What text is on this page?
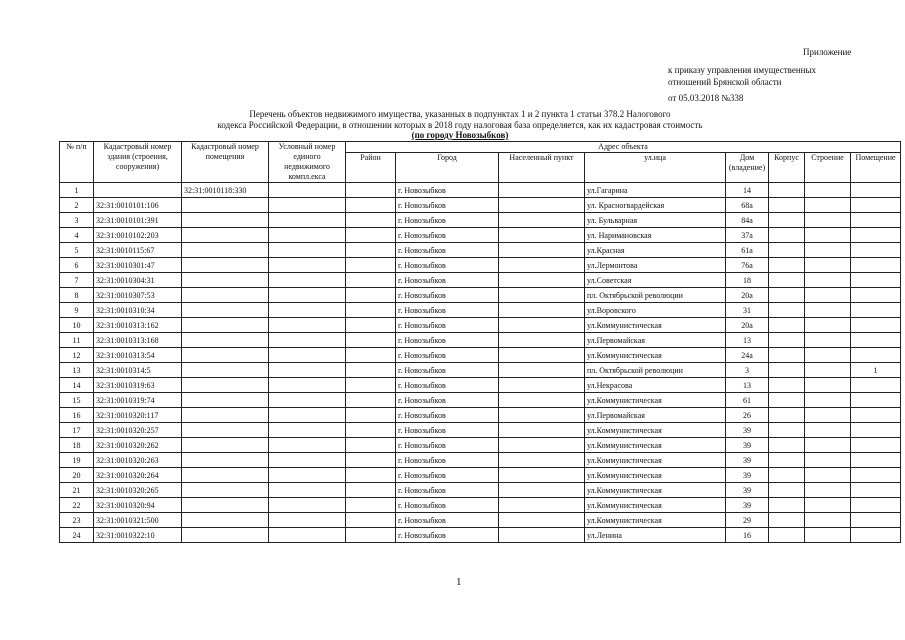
Приложение
к приказу управления имущественных
отношений Брянской области
от 05.03.2018 №338
Перечень объектов недвижимого имущества, указанных в подпунктах 1 и 2 пункта 1 статьи 378.2 Налогового
кодекса Российской Федерации, в отношении которых в 2018 году налоговая база определяется, как их кадастровая стоимость
(по городу Новозыбков)
№ п/п	Кадастровый номер здания (строения, сооружения)	Кадастровый номер помещения	Условный номер единого недвижимого компл.екса	Адрес объекта							
				Район	Город	Населенный пункт	ул.ица	Дом (владение)	Корпус	Строение	Помещение
1		32:31:0010118:330			г. Новозыбков		ул.Гагарина	14			
2	32:31:0010101:106				г. Новозыбков		ул. Красногвардейская	68а			
3	32:31:0010101:391				г. Новозыбков		ул. Бульварная	84а			
4	32:31:0010102:203				г. Новозыбков		ул. Наримановская	37а			
5	32:31:0010115:67				г. Новозыбков		ул.Красная	61а			
6	32:31:0010301:47				г. Новозыбков		ул.Лермонтова	76а			
7	32:31:0010304:31				г. Новозыбков		ул.Советская	18			
8	32:31:0010307:53				г. Новозыбков		пл. Октябрьской революции	20а			
9	32:31:0010310:34				г. Новозыбков		ул.Воровского	31			
10	32:31:0010313:162				г. Новозыбков		ул.Коммунистическая	20а			
11	32:31:0010313:168				г. Новозыбков		ул.Первомайская	13			
12	32:31:0010313:54				г. Новозыбков		ул.Коммунистическая	24а			
13	32:31:0010314:5				г. Новозыбков		пл. Октябрьской революции	3			1
14	32:31:0010319:63				г. Новозыбков		ул.Некрасова	13			
15	32:31:0010319:74				г. Новозыбков		ул.Коммунистическая	61			
16	32:31:0010320:117				г. Новозыбков		ул.Первомайская	26			
17	32:31:0010320:257				г. Новозыбков		ул.Коммунистическая	39			
18	32:31:0010320:262				г. Новозыбков		ул.Коммунистическая	39			
19	32:31:0010320:263				г. Новозыбков		ул.Коммунистическая	39			
20	32:31:0010320:264				г. Новозыбков		ул.Коммунистическая	39			
21	32:31:0010320:265				г. Новозыбков		ул.Коммунистическая	39			
22	32:31:0010320:94				г. Новозыбков		ул.Коммунистическая	39			
23	32:31:0010321:500				г. Новозыбков		ул.Коммунистическая	29			
24	32:31:0010322:10				г. Новозыбков		ул.Ленина	16			
1
